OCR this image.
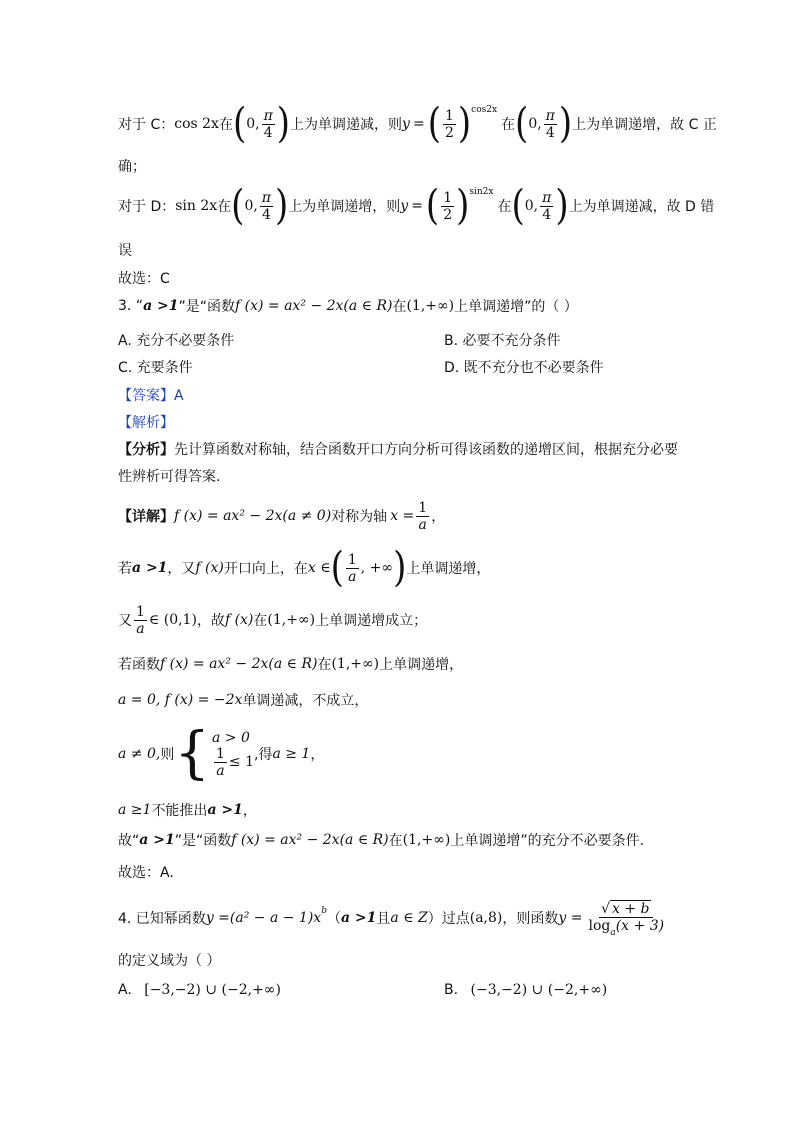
对于 C： cos 2x 在 ( 0, $\frac{\pi}{4}$ ) 上为单调递减，则 y = ( $\frac{1}{2}$ ) cos2x
在 ( 0, $\frac{\pi}{4}$ ) 上为单调递增，故 C 正
确；
对于 D： sin 2x 在 ( 0, $\frac{\pi}{4}$ ) 上为单调递增，则 y = ( $\frac{1}{2}$ ) sin2x
在 ( 0, $\frac{\pi}{4}$ ) 上为单调递减，故 D 错
误
故选：C
3. “ a >1 ”是“函数 f (x) = ax² − 2x(a ∈ R) 在 (1,+∞) 上单调递增”的（ ）
A. 充分不必要条件	B. 必要不充分条件
C. 充要条件	D. 既不充分也不必要条件
【答案】A
【解析】
【分析】 先计算函数对称轴，结合函数开口方向分析可得该函数的递增区间，根据充分必要
性辨析可得答案.
【详解】 f (x) = ax² − 2x(a ≠ 0) 对称为轴 $x = \frac{1}{a}$ ，
若 a >1 ，又 f (x) 开口向上，在 x ∈ ( $\frac{1}{a}$ , +∞ ) 上单调递增，
又 $\frac{1}{a}$ ∈ (0,1) ，故 f (x) 在 (1,+∞) 上单调递增成立；
若函数 f (x) = ax² − 2x(a ∈ R) 在 (1,+∞) 上单调递增，
a = 0, f (x) = −2x 单调递减，不成立，
a ≠ 0, 则 { a > 0
$\frac{1}{a} \le 1$ ,得 a ≥ 1 ，
a ≥1 不能推出 a >1 ，
故“ a >1 ”是“函数 f (x) = ax² − 2x(a ∈ R) 在 (1,+∞) 上单调递增”的充分不必要条件.
故选：A.
4. 已知幂函数 y = (a² − a − 1)x b （ a >1 且 a ∈ Z ）过点 (a,8) ，则函数 $y = \frac{√ x + b}{\log_a(x + 3)}$
的定义域为（ ）
A. [−3,−2) ∪ (−2,+∞)	B. (−3,−2) ∪ (−2,+∞)
